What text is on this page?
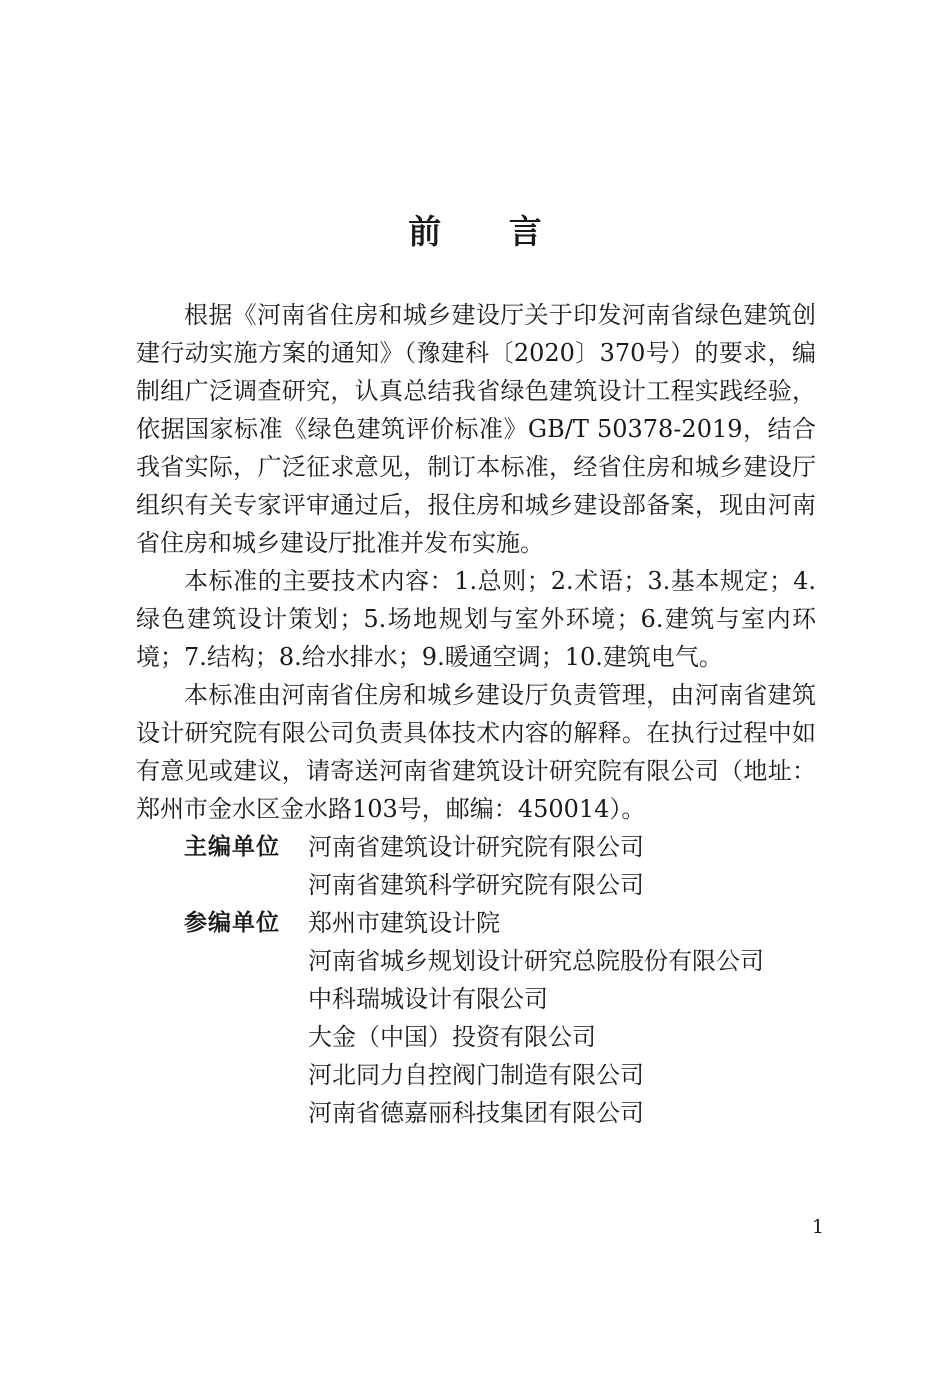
前 言

根据《河南省住房和城乡建设厅关于印发河南省绿色建筑创建行动实施方案的通知》（豫建科〔2020〕370号）的要求，编制组广泛调查研究，认真总结我省绿色建筑设计工程实践经验，依据国家标准《绿色建筑评价标准》GB/T 50378-2019，结合我省实际，广泛征求意见，制订本标准，经省住房和城乡建设厅组织有关专家评审通过后，报住房和城乡建设部备案，现由河南省住房和城乡建设厅批准并发布实施。

本标准的主要技术内容：1.总则；2.术语；3.基本规定；4.绿色建筑设计策划；5.场地规划与室外环境；6.建筑与室内环境；7.结构；8.给水排水；9.暖通空调；10.建筑电气。

本标准由河南省住房和城乡建设厅负责管理，由河南省建筑设计研究院有限公司负责具体技术内容的解释。在执行过程中如有意见或建议，请寄送河南省建筑设计研究院有限公司（地址：郑州市金水区金水路103号，邮编：450014）。

主编单位	河南省建筑设计研究院有限公司
河南省建筑科学研究院有限公司
参编单位	郑州市建筑设计院
河南省城乡规划设计研究总院股份有限公司
中科瑞城设计有限公司
大金（中国）投资有限公司
河北同力自控阀门制造有限公司
河南省德嘉丽科技集团有限公司
1
